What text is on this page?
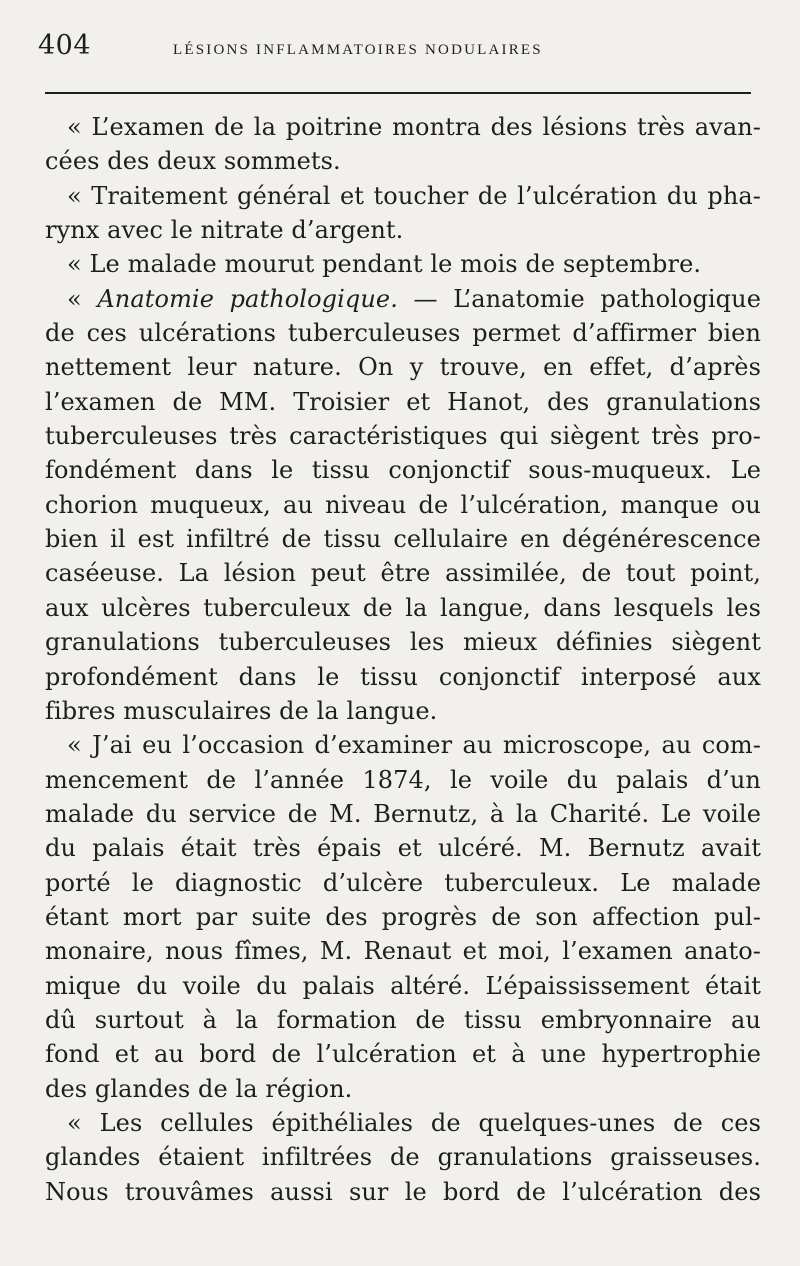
404	LÉSIONS INFLAMMATOIRES NODULAIRES
« L’examen de la poitrine montra des lésions très avan-
cées des deux sommets.
« Traitement général et toucher de l’ulcération du pha-
rynx avec le nitrate d’argent.
« Le malade mourut pendant le mois de septembre.
« Anatomie pathologique. — L’anatomie pathologique
de ces ulcérations tuberculeuses permet d’affirmer bien
nettement leur nature. On y trouve, en effet, d’après
l’examen de MM. Troisier et Hanot, des granulations
tuberculeuses très caractéristiques qui siègent très pro-
fondément dans le tissu conjonctif sous-muqueux. Le
chorion muqueux, au niveau de l’ulcération, manque ou
bien il est infiltré de tissu cellulaire en dégénérescence
caséeuse. La lésion peut être assimilée, de tout point,
aux ulcères tuberculeux de la langue, dans lesquels les
granulations tuberculeuses les mieux définies siègent
profondément dans le tissu conjonctif interposé aux
fibres musculaires de la langue.
« J’ai eu l’occasion d’examiner au microscope, au com-
mencement de l’année 1874, le voile du palais d’un
malade du service de M. Bernutz, à la Charité. Le voile
du palais était très épais et ulcéré. M. Bernutz avait
porté le diagnostic d’ulcère tuberculeux. Le malade
étant mort par suite des progrès de son affection pul-
monaire, nous fîmes, M. Renaut et moi, l’examen anato-
mique du voile du palais altéré. L’épaississement était
dû surtout à la formation de tissu embryonnaire au
fond et au bord de l’ulcération et à une hypertrophie
des glandes de la région.
« Les cellules épithéliales de quelques-unes de ces
glandes étaient infiltrées de granulations graisseuses.
Nous trouvâmes aussi sur le bord de l’ulcération des
